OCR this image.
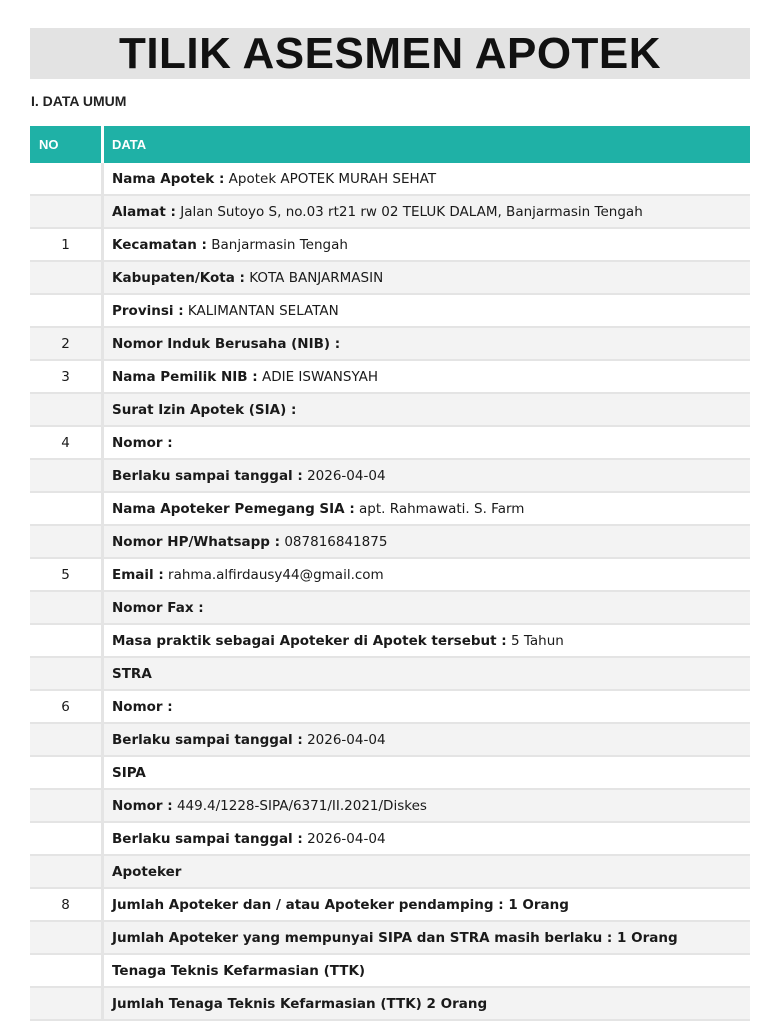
TILIK ASESMEN APOTEK
I. DATA UMUM
NO	DATA
	Nama Apotek : Apotek APOTEK MURAH SEHAT
	Alamat : Jalan Sutoyo S, no.03 rt21 rw 02 TELUK DALAM, Banjarmasin Tengah
1	Kecamatan : Banjarmasin Tengah
	Kabupaten/Kota : KOTA BANJARMASIN
	Provinsi : KALIMANTAN SELATAN
2	Nomor Induk Berusaha (NIB) :
3	Nama Pemilik NIB : ADIE ISWANSYAH
	Surat Izin Apotek (SIA) :
4	Nomor :
	Berlaku sampai tanggal : 2026-04-04
	Nama Apoteker Pemegang SIA : apt. Rahmawati. S. Farm
	Nomor HP/Whatsapp : 087816841875
5	Email : rahma.alfirdausy44@gmail.com
	Nomor Fax :
	Masa praktik sebagai Apoteker di Apotek tersebut : 5 Tahun
	STRA
6	Nomor :
	Berlaku sampai tanggal : 2026-04-04
	SIPA
	Nomor : 449.4/1228-SIPA/6371/II.2021/Diskes
	Berlaku sampai tanggal : 2026-04-04
	Apoteker
8	Jumlah Apoteker dan / atau Apoteker pendamping : 1 Orang
	Jumlah Apoteker yang mempunyai SIPA dan STRA masih berlaku : 1 Orang
	Tenaga Teknis Kefarmasian (TTK)
	Jumlah Tenaga Teknis Kefarmasian (TTK) 2 Orang
